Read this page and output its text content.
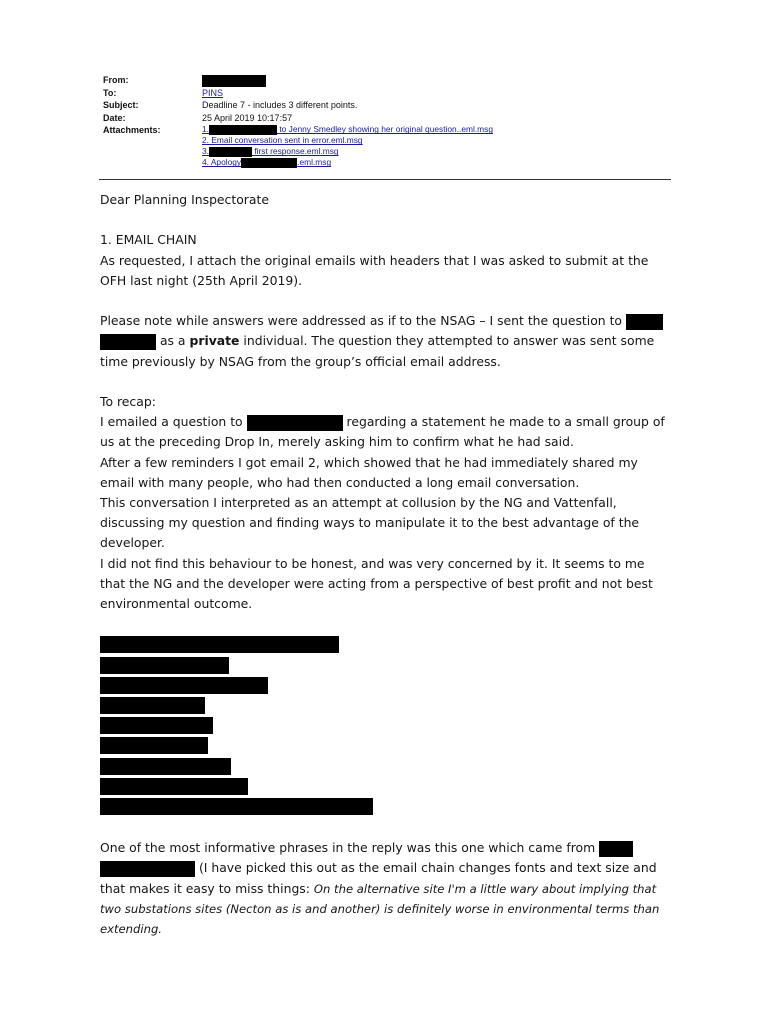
From:
To:	PINS
Subject:	Deadline 7 - includes 3 different points.
Date:	25 April 2019 10:17:57
Attachments:	1.	to Jenny Smedley showing her original question..eml.msg
2. Email conversation sent in error.eml.msg
3.	first response.eml.msg
4. Apology	.eml.msg

Dear Planning Inspectorate

1. EMAIL CHAIN

As requested, I attach the original emails with headers that I was asked to submit at the OFH last night (25th April 2019).

Please note while answers were addressed as if to the NSAG – I sent the question to   as a private individual. The question they attempted to answer was sent some time previously by NSAG from the group’s official email address.

To recap:

I emailed a question to	regarding a statement he made to a small group of us at the preceding Drop In, merely asking him to confirm what he had said.

After a few reminders I got email 2, which showed that he had immediately shared my email with many people, who had then conducted a long email conversation.

This conversation I interpreted as an attempt at collusion by the NG and Vattenfall, discussing my question and finding ways to manipulate it to the best advantage of the developer.

I did not find this behaviour to be honest, and was very concerned by it. It seems to me that the NG and the developer were acting from a perspective of best profit and not best environmental outcome.

One of the most informative phrases in the reply was this one which came from   (I have picked this out as the email chain changes fonts and text size and that makes it easy to miss things: On the alternative site I'm a little wary about implying that two substations sites (Necton as is and another) is definitely worse in environmental terms than extending.
